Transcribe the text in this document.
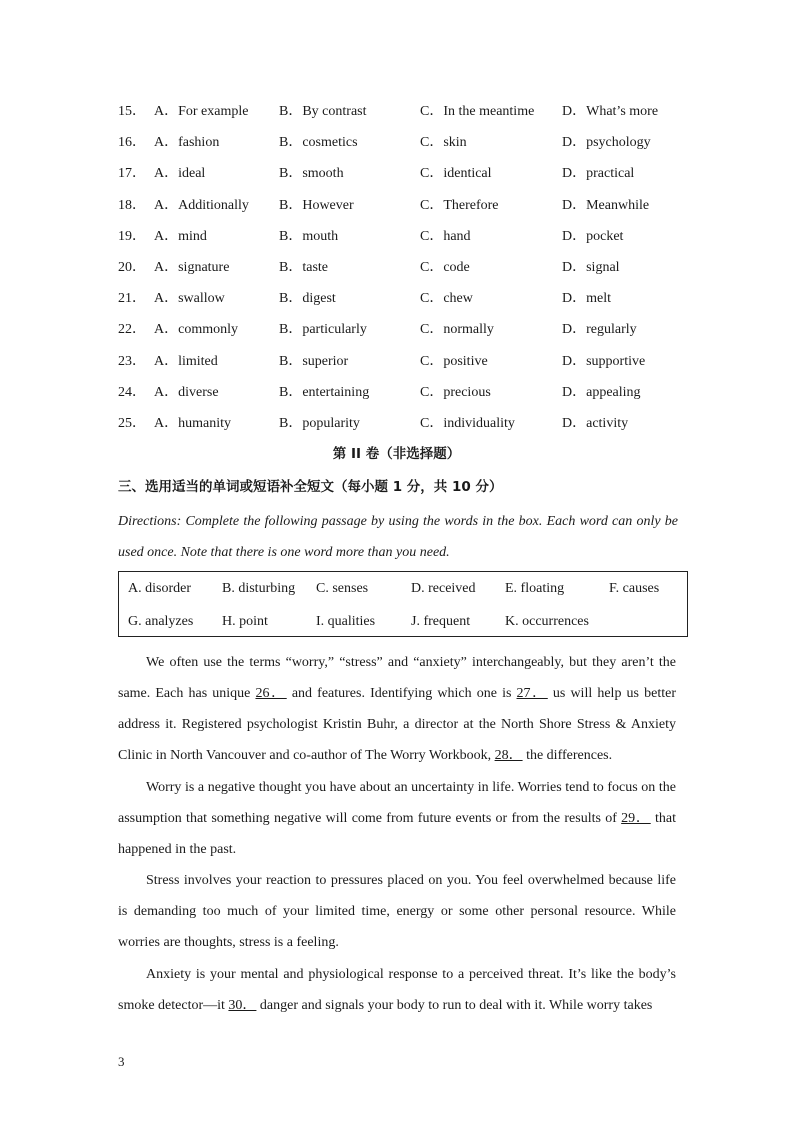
15． A．For example B．By contrast	C．In the meantime D．What’s more
16． A．fashion	B．cosmetics	C．skin	D．psychology
17． A．ideal	B．smooth	C．identical	D．practical
18． A．Additionally B．However	C．Therefore	D．Meanwhile
19． A．mind	B．mouth	C．hand	D．pocket
20． A．signature	B．taste	C．code	D．signal
21． A．swallow	B．digest	C．chew	D．melt
22． A．commonly	B．particularly	C．normally	D．regularly
23． A．limited	B．superior	C．positive	D．supportive
24． A．diverse	B．entertaining	C．precious	D．appealing
25． A．humanity	B．popularity	C．individuality	D．activity
第 II 卷（非选择题）
三、选用适当的单词或短语补全短文（每小题 1 分，共 10 分）
Directions: Complete the following passage by using the words in the box. Each word can only be used once. Note that there is one word more than you need.
A. disorder B. disturbing C. senses	D. received E. floating	F. causes
G. analyzes H. point	I. qualities	J. frequent K. occurrences

We often use the terms “worry,” “stress” and “anxiety” interchangeably, but they aren’t the same. Each has unique 26． and features. Identifying which one is 27． us will help us better address it. Registered psychologist Kristin Buhr, a director at the North Shore Stress & Anxiety Clinic in North Vancouver and co-author of The Worry Workbook, 28． the differences.

Worry is a negative thought you have about an uncertainty in life. Worries tend to focus on the assumption that something negative will come from future events or from the results of 29． that happened in the past.

Stress involves your reaction to pressures placed on you. You feel overwhelmed because life is demanding too much of your limited time, energy or some other personal resource. While worries are thoughts, stress is a feeling.

Anxiety is your mental and physiological response to a perceived threat. It’s like the body’s smoke detector—it 30． danger and signals your body to run to deal with it. While worry takes

3
